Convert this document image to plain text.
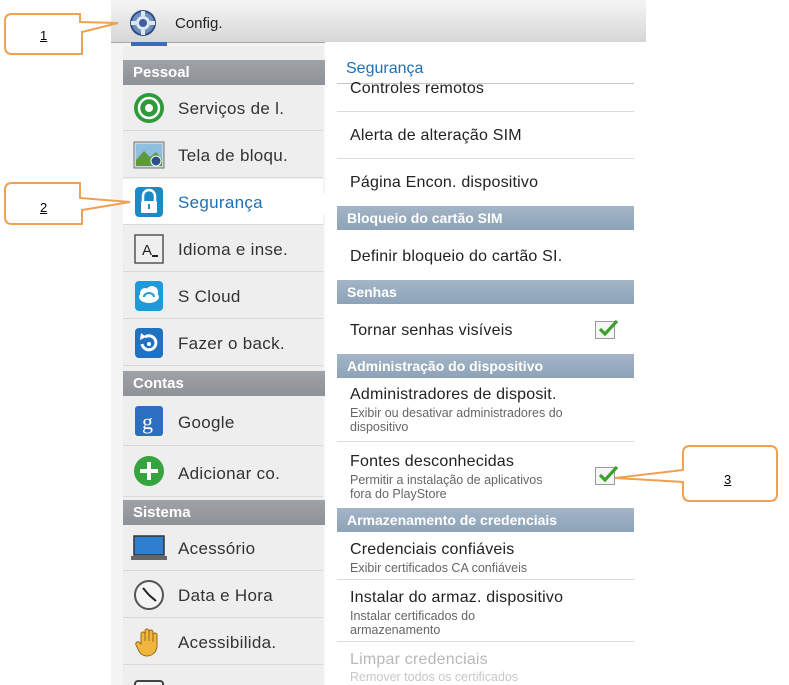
Config.
Pessoal
Serviços de l.
Tela de bloqu.
Segurança
A Idioma e inse.
S Cloud
Fazer o back.
Contas
g Google
Adicionar co.
Sistema
Acessório
Data e Hora
Acessibilida.
Segurança
Controles remotos
Alerta de alteração SIM
Página Encon. dispositivo
Bloqueio do cartão SIM
Definir bloqueio do cartão SI.
Senhas
Tornar senhas visíveis
Administração do dispositivo
Administradores de disposit.
Exibir ou desativar administradores do dispositivo
Fontes desconhecidas
Permitir a instalação de aplicativos fora do PlayStore
Armazenamento de credenciais
Credenciais confiáveis
Exibir certificados CA confiáveis
Instalar do armaz. dispositivo
Instalar certificados do armazenamento
Limpar credenciais
Remover todos os certificados
1
2
3
